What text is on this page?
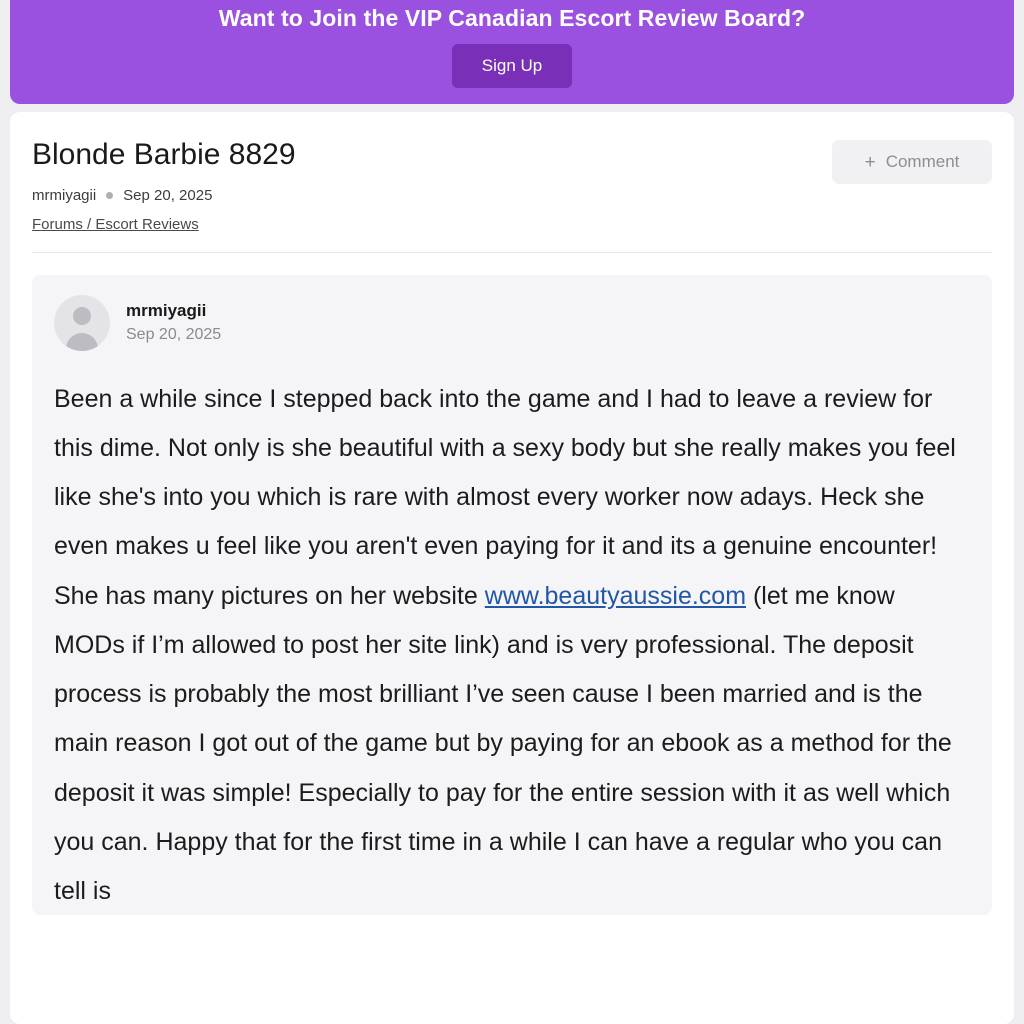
Want to Join the VIP Canadian Escort Review Board?
Sign Up
Blonde Barbie 8829
mrmiyagii Sep 20, 2025
Forums / Escort Reviews
+ Comment
mrmiyagii
Sep 20, 2025
Been a while since I stepped back into the game and I had to leave a review for this dime. Not only is she beautiful with a sexy body but she really makes you feel like she's into you which is rare with almost every worker now adays. Heck she even makes u feel like you aren't even paying for it and its a genuine encounter! She has many pictures on her website www.beautyaussie.com (let me know MODs if I’m allowed to post her site link) and is very professional. The deposit process is probably the most brilliant I’ve seen cause I been married and is the main reason I got out of the game but by paying for an ebook as a method for the deposit it was simple! Especially to pay for the entire session with it as well which you can. Happy that for the first time in a while I can have a regular who you can tell is
